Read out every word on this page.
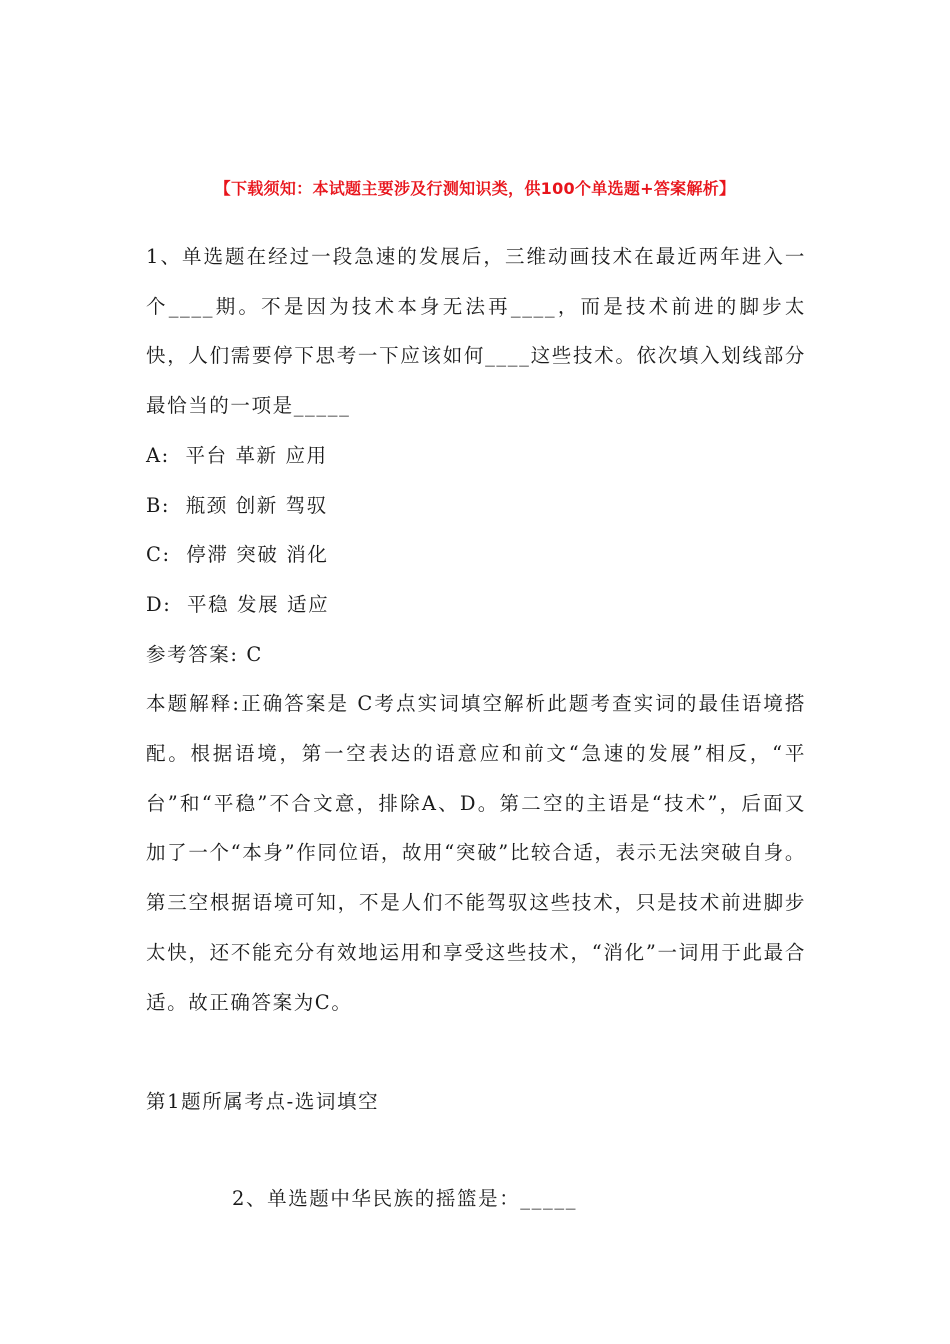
【下载须知：本试题主要涉及行测知识类，供100个单选题+答案解析】

1、单选题在经过一段急速的发展后，三维动画技术在最近两年进入一个____期。不是因为技术本身无法再____，而是技术前进的脚步太快，人们需要停下思考一下应该如何____这些技术。依次填入划线部分最恰当的一项是_____

A:  平台 革新 应用

B:  瓶颈 创新 驾驭

C:  停滞 突破 消化

D:  平稳 发展 适应

参考答案: C

本题解释:正确答案是 C考点实词填空解析此题考查实词的最佳语境搭配。根据语境，第一空表达的语意应和前文“急速的发展”相反，“平台”和“平稳”不合文意，排除A、D。第二空的主语是“技术”，后面又加了一个“本身”作同位语，故用“突破”比较合适，表示无法突破自身。第三空根据语境可知，不是人们不能驾驭这些技术，只是技术前进脚步太快，还不能充分有效地运用和享受这些技术，“消化”一词用于此最合适。故正确答案为C。

第1题所属考点-选词填空

2、单选题中华民族的摇篮是：_____
